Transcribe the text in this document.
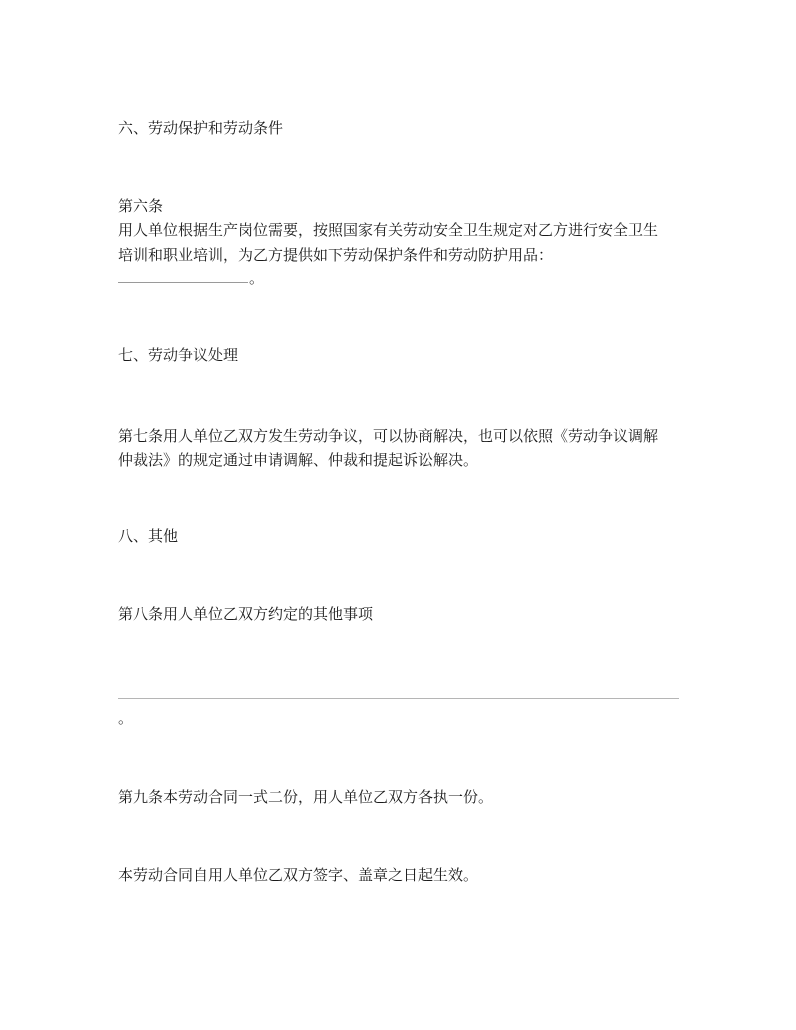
六、劳动保护和劳动条件
第六条
用人单位根据生产岗位需要，按照国家有关劳动安全卫生规定对乙方进行安全卫生
培训和职业培训，为乙方提供如下劳动保护条件和劳动防护用品：
。
七、劳动争议处理
第七条用人单位乙双方发生劳动争议，可以协商解决，也可以依照《劳动争议调解
仲裁法》的规定通过申请调解、仲裁和提起诉讼解决。
八、其他
第八条用人单位乙双方约定的其他事项
。
第九条本劳动合同一式二份，用人单位乙双方各执一份。
本劳动合同自用人单位乙双方签字、盖章之日起生效。
